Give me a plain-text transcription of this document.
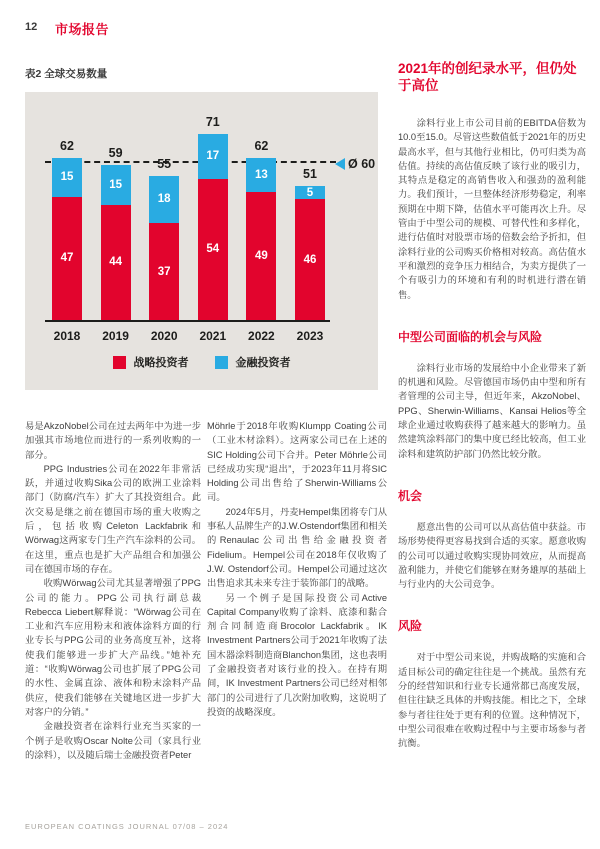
12 市场报告
表2 全球交易数量
62
15
47
59
15
44
55
18
37
71
17
54
62
13
49
51
5
46
战略投资者	金融投资者
2018	2019	2020	2021	2022	2023
Ø 60

易是AkzoNobel公司在过去两年中为进一步加强其市场地位而进行的一系列收购的一部分。

PPG Industries公司在2022年非常活跃，并通过收购Sika公司的欧洲工业涂料部门（防腐/汽车）扩大了其投资组合。此次交易是继之前在德国市场的重大收购之后，包括收购Celeton Lackfabrik和Wörwag这两家专门生产汽车涂料的公司。在这里，重点也是扩大产品组合和加强公司在德国市场的存在。

收购Wörwag公司尤其显著增强了PPG公司的能力。PPG公司执行副总裁Rebecca Liebert解释说：“Wörwag公司在工业和汽车应用粉末和液体涂料方面的行业专长与PPG公司的业务高度互补，这将使我们能够进一步扩大产品线。”她补充道：“收购Wörwag公司也扩展了PPG公司的水性、金属直涂、液体和粉末涂料产品供应，使我们能够在关键地区进一步扩大对客户的分销。”

金融投资者在涂料行业充当买家的一个例子是收购Oscar Nolte公司（家具行业的涂料），以及随后瑞士金融投资者Peter

Möhrle于2018年收购Klumpp Coating公司（工业木材涂料）。这两家公司已在上述的SIC Holding公司下合并。Peter Möhrle公司已经成功实现“退出”，于2023年11月将SIC Holding公司出售给了Sherwin-Williams公司。

2024年5月，丹麦Hempel集团将专门从事私人品牌生产的J.W.Ostendorf集团和相关的Renaulac公司出售给金融投资者Fidelium。Hempel公司在2018年仅收购了J.W. Ostendorf公司。Hempel公司通过这次出售追求其未来专注于装饰部门的战略。

另一个例子是国际投资公司Active Capital Company收购了涂料、底漆和黏合剂合同制造商Brocolor Lackfabrik。IK Investment Partners公司于2021年收购了法国木器涂料制造商Blanchon集团，这也表明了金融投资者对该行业的投入。在持有期间，IK Investment Partners公司已经对相邻部门的公司进行了几次附加收购，这说明了投资的战略深度。

2021年的创纪录水平，但仍处于高位

涂料行业上市公司目前的EBITDA倍数为10.0至15.0。尽管这些数值低于2021年的历史最高水平，但与其他行业相比，仍可归类为高估值。持续的高估值反映了该行业的吸引力，其特点是稳定的高销售收入和强劲的盈利能力。我们预计，一旦整体经济形势稳定，利率预期在中期下降，估值水平可能再次上升。尽管由于中型公司的规模、可替代性和多样化，进行估值时对股票市场的倍数会给予折扣，但涂料行业的公司购买价格相对较高。高估值水平和激烈的竞争压力相结合，为卖方提供了一个有吸引力的环境和有利的时机进行潜在销售。

中型公司面临的机会与风险

涂料行业市场的发展给中小企业带来了新的机遇和风险。尽管德国市场仍由中型和所有者管理的公司主导，但近年来，AkzoNobel、PPG、Sherwin-Williams、Kansai Helios等全球企业通过收购获得了越来越大的影响力。虽然建筑涂料部门的集中度已经比较高，但工业涂料和建筑防护部门仍然比较分散。

机会

愿意出售的公司可以从高估值中获益。市场形势使得更容易找到合适的买家。愿意收购的公司可以通过收购实现协同效应，从而提高盈利能力，并使它们能够在财务雄厚的基础上与行业内的大公司竞争。

风险

对于中型公司来说，并购战略的实施和合适目标公司的确定往往是一个挑战。虽然有充分的经营知识和行业专长通常都已高度发展，但往往缺乏具体的并购技能。相比之下，全球参与者往往处于更有利的位置。这种情况下，中型公司很难在收购过程中与主要市场参与者抗衡。

EUROPEAN COATINGS JOURNAL 07/08 – 2024
